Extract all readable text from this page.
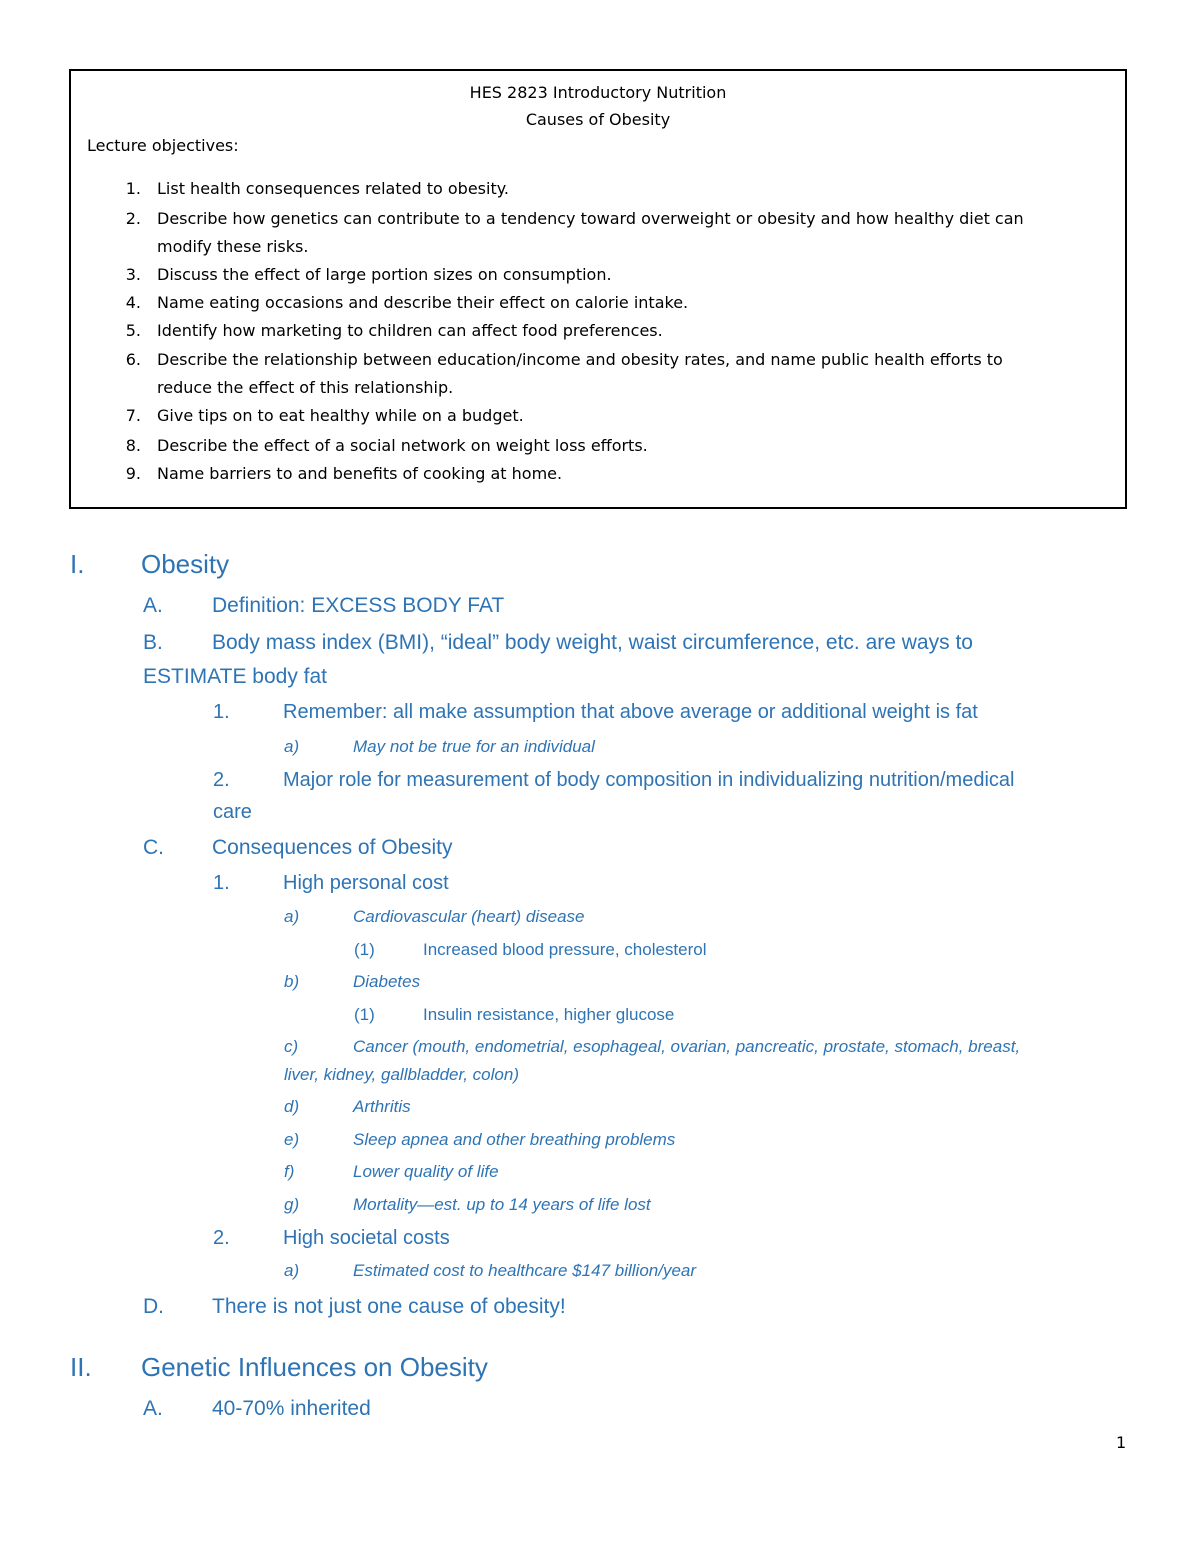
HES 2823 Introductory Nutrition
Causes of Obesity
Lecture objectives:
1. List health consequences related to obesity.
2. Describe how genetics can contribute to a tendency toward overweight or obesity and how healthy diet can
modify these risks.
3. Discuss the effect of large portion sizes on consumption.
4. Name eating occasions and describe their effect on calorie intake.
5. Identify how marketing to children can affect food preferences.
6. Describe the relationship between education/income and obesity rates, and name public health efforts to
reduce the effect of this relationship.
7. Give tips on to eat healthy while on a budget.
8. Describe the effect of a social network on weight loss efforts.
9. Name barriers to and benefits of cooking at home.
I. Obesity
A. Definition: EXCESS BODY FAT
B. Body mass index (BMI), “ideal” body weight, waist circumference, etc. are ways to
ESTIMATE body fat
1.	Remember: all make assumption that above average or additional weight is fat
a)	May not be true for an individual
2.	Major role for measurement of body composition in individualizing nutrition/medical
care
C. Consequences of Obesity
1.	High personal cost
a)	Cardiovascular (heart) disease
(1)	Increased blood pressure, cholesterol
b)	Diabetes
(1)	Insulin resistance, higher glucose
c)	Cancer (mouth, endometrial, esophageal, ovarian, pancreatic, prostate, stomach, breast,
liver, kidney, gallbladder, colon)
d)	Arthritis
e)	Sleep apnea and other breathing problems
f)	Lower quality of life
g)	Mortality—est. up to 14 years of life lost
2.	High societal costs
a)	Estimated cost to healthcare $147 billion/year
D. There is not just one cause of obesity!
II. Genetic Influences on Obesity
A. 40-70% inherited
1
